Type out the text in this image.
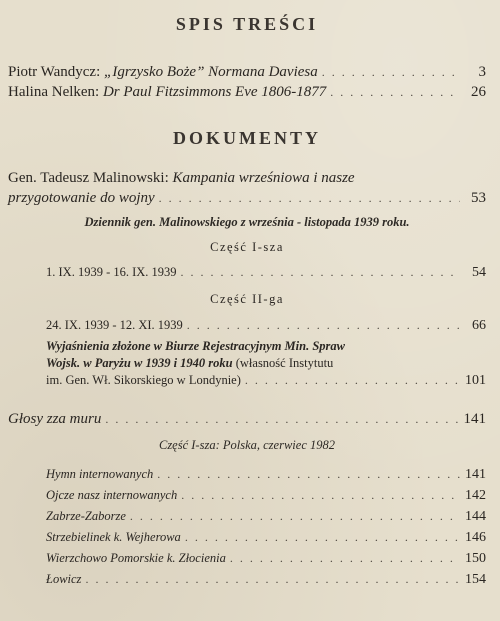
SPIS TREŚCI
Piotr Wandycz: „Igrzysko Boże” Normana Daviesa . . .	3
Halina Nelken: Dr Paul Fitzsimmons Eve 1806-1877 . . .	26
DOKUMENTY
Gen. Tadeusz Malinowski: Kampania wrześniowa i nasze
przygotowanie do wojny . . .	53
Dziennik gen. Malinowskiego z września - listopada 1939 roku.
Część I-sza
1. IX. 1939 - 16. IX. 1939 . . .	54
Część II-ga
24. IX. 1939 - 12. XI. 1939 . . .	66
Wyjaśnienia złożone w Biurze Rejestracyjnym Min. Spraw
Wojsk. w Paryżu w 1939 i 1940 roku (własność Instytutu
im. Gen. Wł. Sikorskiego w Londynie) . . .	101
Głosy zza muru . . .	141
Część I-sza: Polska, czerwiec 1982
Hymn internowanych . . .	141
Ojcze nasz internowanych . . .	142
Zabrze-Zaborze . . .	144
Strzebielinek k. Wejherowa . . .	146
Wierzchowo Pomorskie k. Złocienia . . .	150
Łowicz . . .	154
